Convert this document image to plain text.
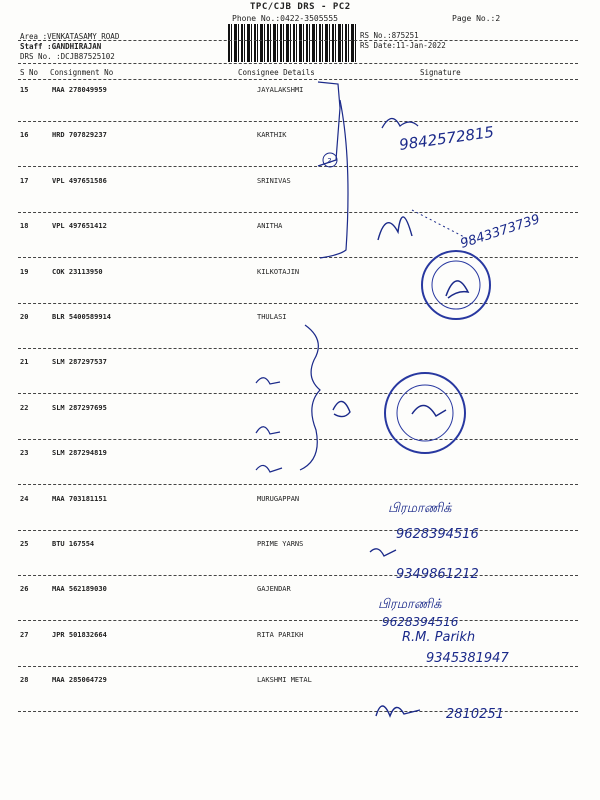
TPC/CJB DRS - PC2
Phone No.:0422-3505555	Page No.:2
Area :VENKATASAMY ROAD
Staff :GANDHIRAJAN
DRS No. :DCJB87525102
RS No.:875251
RS Date:11-Jan-2022
S No Consignment No	Consignee Details	Signature
15	MAA 278049959	JAYALAKSHMI
16	HRD 707829237	KARTHIK
17	VPL 497651586	SRINIVAS
18	VPL 497651412	ANITHA
19	COK 23113950	KILKOTAJIN
20	BLR 5400589914	THULASI
21	SLM 287297537
22	SLM 287297695
23	SLM 287294819
24	MAA 703181151	MURUGAPPAN
25	BTU 167554	PRIME YARNS
26	MAA 562189030	GAJENDAR
27	JPR 501832664	RITA PARIKH
28	MAA 285064729	LAKSHMI METAL
2
9842572815
9843373739
பிரமாணிக்
9628394516
9349861212
பிரமாணிக்
9628394516
R.M. Parikh
9345381947
2810251
